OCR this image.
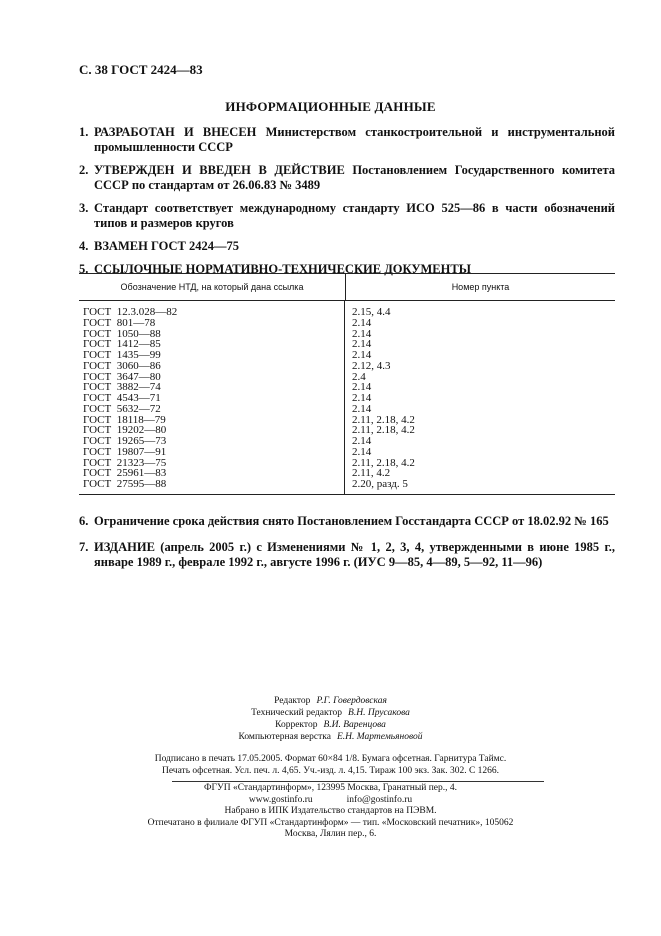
С. 38 ГОСТ 2424—83
ИНФОРМАЦИОННЫЕ ДАННЫЕ
1. РАЗРАБОТАН И ВНЕСЕН Министерством станкостроительной и инструментальной промышленности СССР
2. УТВЕРЖДЕН И ВВЕДЕН В ДЕЙСТВИЕ Постановлением Государственного комитета СССР по стандартам от 26.06.83 № 3489
3. Стандарт соответствует международному стандарту ИСО 525—86 в части обозначений типов и размеров кругов
4. ВЗАМЕН ГОСТ 2424—75
5. ССЫЛОЧНЫЕ НОРМАТИВНО-ТЕХНИЧЕСКИЕ ДОКУМЕНТЫ
Обозначение НТД, на который дана ссылка	Номер пункта
ГОСТ  12.3.028—82
ГОСТ  801—78
ГОСТ  1050—88
ГОСТ  1412—85
ГОСТ  1435—99
ГОСТ  3060—86
ГОСТ  3647—80
ГОСТ  3882—74
ГОСТ  4543—71
ГОСТ  5632—72
ГОСТ  18118—79
ГОСТ  19202—80
ГОСТ  19265—73
ГОСТ  19807—91
ГОСТ  21323—75
ГОСТ  25961—83
ГОСТ  27595—88
2.15, 4.4
2.14
2.14
2.14
2.14
2.12, 4.3
2.4
2.14
2.14
2.14
2.11, 2.18, 4.2
2.11, 2.18, 4.2
2.14
2.14
2.11, 2.18, 4.2
2.11, 4.2
2.20, разд. 5
6. Ограничение срока действия снято Постановлением Госстандарта СССР от 18.02.92 № 165
7. ИЗДАНИЕ (апрель 2005 г.) с Изменениями № 1, 2, 3, 4, утвержденными в июне 1985 г., январе 1989 г., феврале 1992 г., августе 1996 г. (ИУС 9—85, 4—89, 5—92, 11—96)
Редактор Р.Г. Говердовская
Технический редактор В.Н. Прусакова
Корректор В.И. Варенцова
Компьютерная верстка Е.Н. Мартемьяновой
Подписано в печать 17.05.2005. Формат 60×84 1/8. Бумага офсетная. Гарнитура Таймс.
Печать офсетная. Усл. печ. л. 4,65. Уч.-изд. л. 4,15. Тираж 100 экз. Зак. 302. С 1266.
ФГУП «Стандартинформ», 123995 Москва, Гранатный пер., 4.
www.gostinfo.ru	info@gostinfo.ru
Набрано в ИПК Издательство стандартов на ПЭВМ.
Отпечатано в филиале ФГУП «Стандартинформ» — тип. «Московский печатник», 105062
Москва, Лялин пер., 6.
